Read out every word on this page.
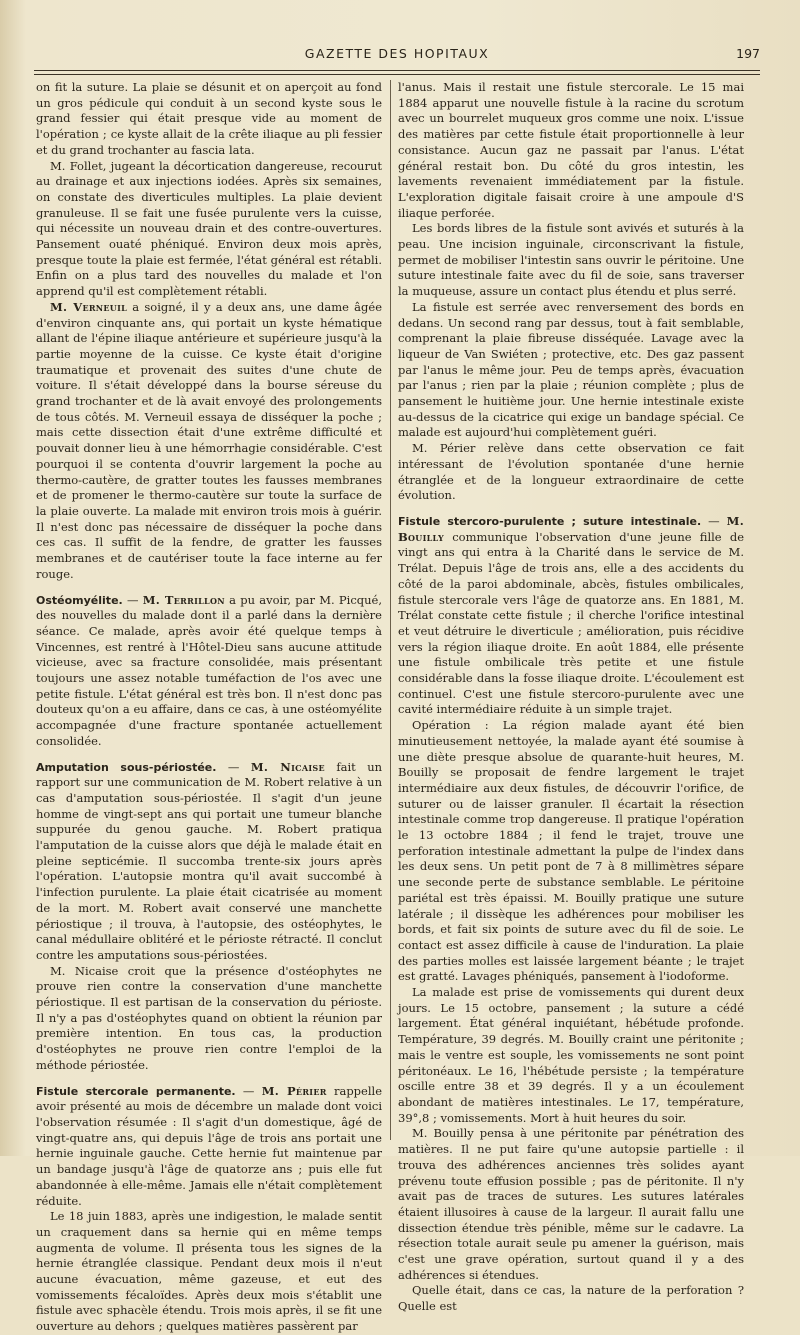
GAZETTE DES HOPITAUX	197

on fit la suture. La plaie se désunit et on aperçoit au fond un gros pédicule qui conduit à un second kyste sous le grand fessier qui était presque vide au moment de l'opération ; ce kyste allait de la crête iliaque au pli fessier et du grand trochanter au fascia lata.

M. Follet, jugeant la décortication dangereuse, recourut au drainage et aux injections iodées. Après six semaines, on constate des diverticules multiples. La plaie devient granuleuse. Il se fait une fusée purulente vers la cuisse, qui nécessite un nouveau drain et des contre-ouvertures. Pansement ouaté phéniqué. Environ deux mois après, presque toute la plaie est fermée, l'état général est rétabli. Enfin on a plus tard des nouvelles du malade et l'on apprend qu'il est complètement rétabli.

M. Verneuil a soigné, il y a deux ans, une dame âgée d'environ cinquante ans, qui portait un kyste hématique allant de l'épine iliaque antérieure et supérieure jusqu'à la partie moyenne de la cuisse. Ce kyste était d'origine traumatique et provenait des suites d'une chute de voiture. Il s'était développé dans la bourse séreuse du grand trochanter et de là avait envoyé des prolongements de tous côtés. M. Verneuil essaya de disséquer la poche ; mais cette dissection était d'une extrême difficulté et pouvait donner lieu à une hémorrhagie considérable. C'est pourquoi il se contenta d'ouvrir largement la poche au thermo-cautère, de gratter toutes les fausses membranes et de promener le thermo-cautère sur toute la surface de la plaie ouverte. La malade mit environ trois mois à guérir. Il n'est donc pas nécessaire de disséquer la poche dans ces cas. Il suffit de la fendre, de gratter les fausses membranes et de cautériser toute la face interne au fer rouge.

Ostéomyélite. — M. Terrillon a pu avoir, par M. Picqué, des nouvelles du malade dont il a parlé dans la dernière séance. Ce malade, après avoir été quelque temps à Vincennes, est rentré à l'Hôtel-Dieu sans aucune attitude vicieuse, avec sa fracture consolidée, mais présentant toujours une assez notable tuméfaction de l'os avec une petite fistule. L'état général est très bon. Il n'est donc pas douteux qu'on a eu affaire, dans ce cas, à une ostéomyélite accompagnée d'une fracture spontanée actuellement consolidée.

Amputation sous-périostée. — M. Nicaise fait un rapport sur une communication de M. Robert relative à un cas d'amputation sous-périostée. Il s'agit d'un jeune homme de vingt-sept ans qui portait une tumeur blanche suppurée du genou gauche. M. Robert pratiqua l'amputation de la cuisse alors que déjà le malade était en pleine septicémie. Il succomba trente-six jours après l'opération. L'autopsie montra qu'il avait succombé à l'infection purulente. La plaie était cicatrisée au moment de la mort. M. Robert avait conservé une manchette périostique ; il trouva, à l'autopsie, des ostéophytes, le canal médullaire oblitéré et le périoste rétracté. Il conclut contre les amputations sous-périostées.

M. Nicaise croit que la présence d'ostéophytes ne prouve rien contre la conservation d'une manchette périostique. Il est partisan de la conservation du périoste. Il n'y a pas d'ostéophytes quand on obtient la réunion par première intention. En tous cas, la production d'ostéophytes ne prouve rien contre l'emploi de la méthode périostée.

Fistule stercorale permanente. — M. Périer rappelle avoir présenté au mois de décembre un malade dont voici l'observation résumée : Il s'agit d'un domestique, âgé de vingt-quatre ans, qui depuis l'âge de trois ans portait une hernie inguinale gauche. Cette hernie fut maintenue par un bandage jusqu'à l'âge de quatorze ans ; puis elle fut abandonnée à elle-même. Jamais elle n'était complètement réduite.

Le 18 juin 1883, après une indigestion, le malade sentit un craquement dans sa hernie qui en même temps augmenta de volume. Il présenta tous les signes de la hernie étranglée classique. Pendant deux mois il n'eut aucune évacuation, même gazeuse, et eut des vomissements fécaloïdes. Après deux mois s'établit une fistule avec sphacèle étendu. Trois mois après, il se fit une ouverture au dehors ; quelques matières passèrent par

l'anus. Mais il restait une fistule stercorale. Le 15 mai 1884 apparut une nouvelle fistule à la racine du scrotum avec un bourrelet muqueux gros comme une noix. L'issue des matières par cette fistule était proportionnelle à leur consistance. Aucun gaz ne passait par l'anus. L'état général restait bon. Du côté du gros intestin, les lavements revenaient immédiatement par la fistule. L'exploration digitale faisait croire à une ampoule d'S iliaque perforée.

Les bords libres de la fistule sont avivés et suturés à la peau. Une incision inguinale, circonscrivant la fistule, permet de mobiliser l'intestin sans ouvrir le péritoine. Une suture intestinale faite avec du fil de soie, sans traverser la muqueuse, assure un contact plus étendu et plus serré.

La fistule est serrée avec renversement des bords en dedans. Un second rang par dessus, tout à fait semblable, comprenant la plaie fibreuse disséquée. Lavage avec la liqueur de Van Swiéten ; protective, etc. Des gaz passent par l'anus le même jour. Peu de temps après, évacuation par l'anus ; rien par la plaie ; réunion complète ; plus de pansement le huitième jour. Une hernie intestinale existe au-dessus de la cicatrice qui exige un bandage spécial. Ce malade est aujourd'hui complètement guéri.

M. Périer relève dans cette observation ce fait intéressant de l'évolution spontanée d'une hernie étranglée et de la longueur extraordinaire de cette évolution.

Fistule stercoro-purulente ; suture intestinale. — M. Bouilly communique l'observation d'une jeune fille de vingt ans qui entra à la Charité dans le service de M. Trélat. Depuis l'âge de trois ans, elle a des accidents du côté de la paroi abdominale, abcès, fistules ombilicales, fistule stercorale vers l'âge de quatorze ans. En 1881, M. Trélat constate cette fistule ; il cherche l'orifice intestinal et veut détruire le diverticule ; amélioration, puis récidive vers la région iliaque droite. En août 1884, elle présente une fistule ombilicale très petite et une fistule considérable dans la fosse iliaque droite. L'écoulement est continuel. C'est une fistule stercoro-purulente avec une cavité intermédiaire réduite à un simple trajet.

Opération : La région malade ayant été bien minutieusement nettoyée, la malade ayant été soumise à une diète presque absolue de quarante-huit heures, M. Bouilly se proposait de fendre largement le trajet intermédiaire aux deux fistules, de découvrir l'orifice, de suturer ou de laisser granuler. Il écartait la résection intestinale comme trop dangereuse. Il pratique l'opération le 13 octobre 1884 ; il fend le trajet, trouve une perforation intestinale admettant la pulpe de l'index dans les deux sens. Un petit pont de 7 à 8 millimètres sépare une seconde perte de substance semblable. Le péritoine pariétal est très épaissi. M. Bouilly pratique une suture latérale ; il dissèque les adhérences pour mobiliser les bords, et fait six points de suture avec du fil de soie. Le contact est assez difficile à cause de l'induration. La plaie des parties molles est laissée largement béante ; le trajet est gratté. Lavages phéniqués, pansement à l'iodoforme.

La malade est prise de vomissements qui durent deux jours. Le 15 octobre, pansement ; la suture a cédé largement. État général inquiétant, hébétude profonde. Température, 39 degrés. M. Bouilly craint une péritonite ; mais le ventre est souple, les vomissements ne sont point péritonéaux. Le 16, l'hébétude persiste ; la température oscille entre 38 et 39 degrés. Il y a un écoulement abondant de matières intestinales. Le 17, température, 39°,8 ; vomissements. Mort à huit heures du soir.

M. Bouilly pensa à une péritonite par pénétration des matières. Il ne put faire qu'une autopsie partielle : il trouva des adhérences anciennes très solides ayant prévenu toute effusion possible ; pas de péritonite. Il n'y avait pas de traces de sutures. Les sutures latérales étaient illusoires à cause de la largeur. Il aurait fallu une dissection étendue très pénible, même sur le cadavre. La résection totale aurait seule pu amener la guérison, mais c'est une grave opération, surtout quand il y a des adhérences si étendues.

Quelle était, dans ce cas, la nature de la perforation ? Quelle est
